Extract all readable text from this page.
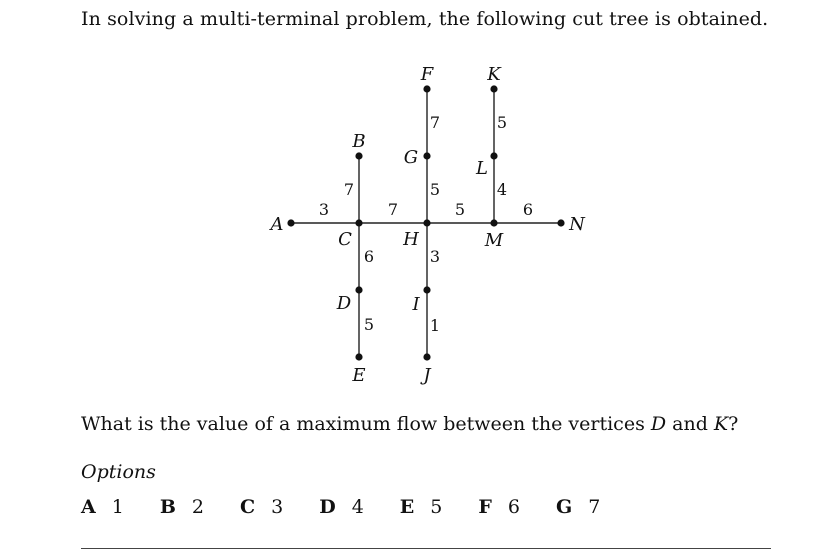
In solving a multi-terminal problem, the following cut tree is obtained.
3
7
7
6
5
7
5
3
1
5
5
4
6
A
B
C
D
E
F
G
H
I
J
K
L
M
N
What is the value of a maximum flow between the vertices D and K?
Options
A 1 B 2 C 3 D 4 E 5 F 6 G 7
